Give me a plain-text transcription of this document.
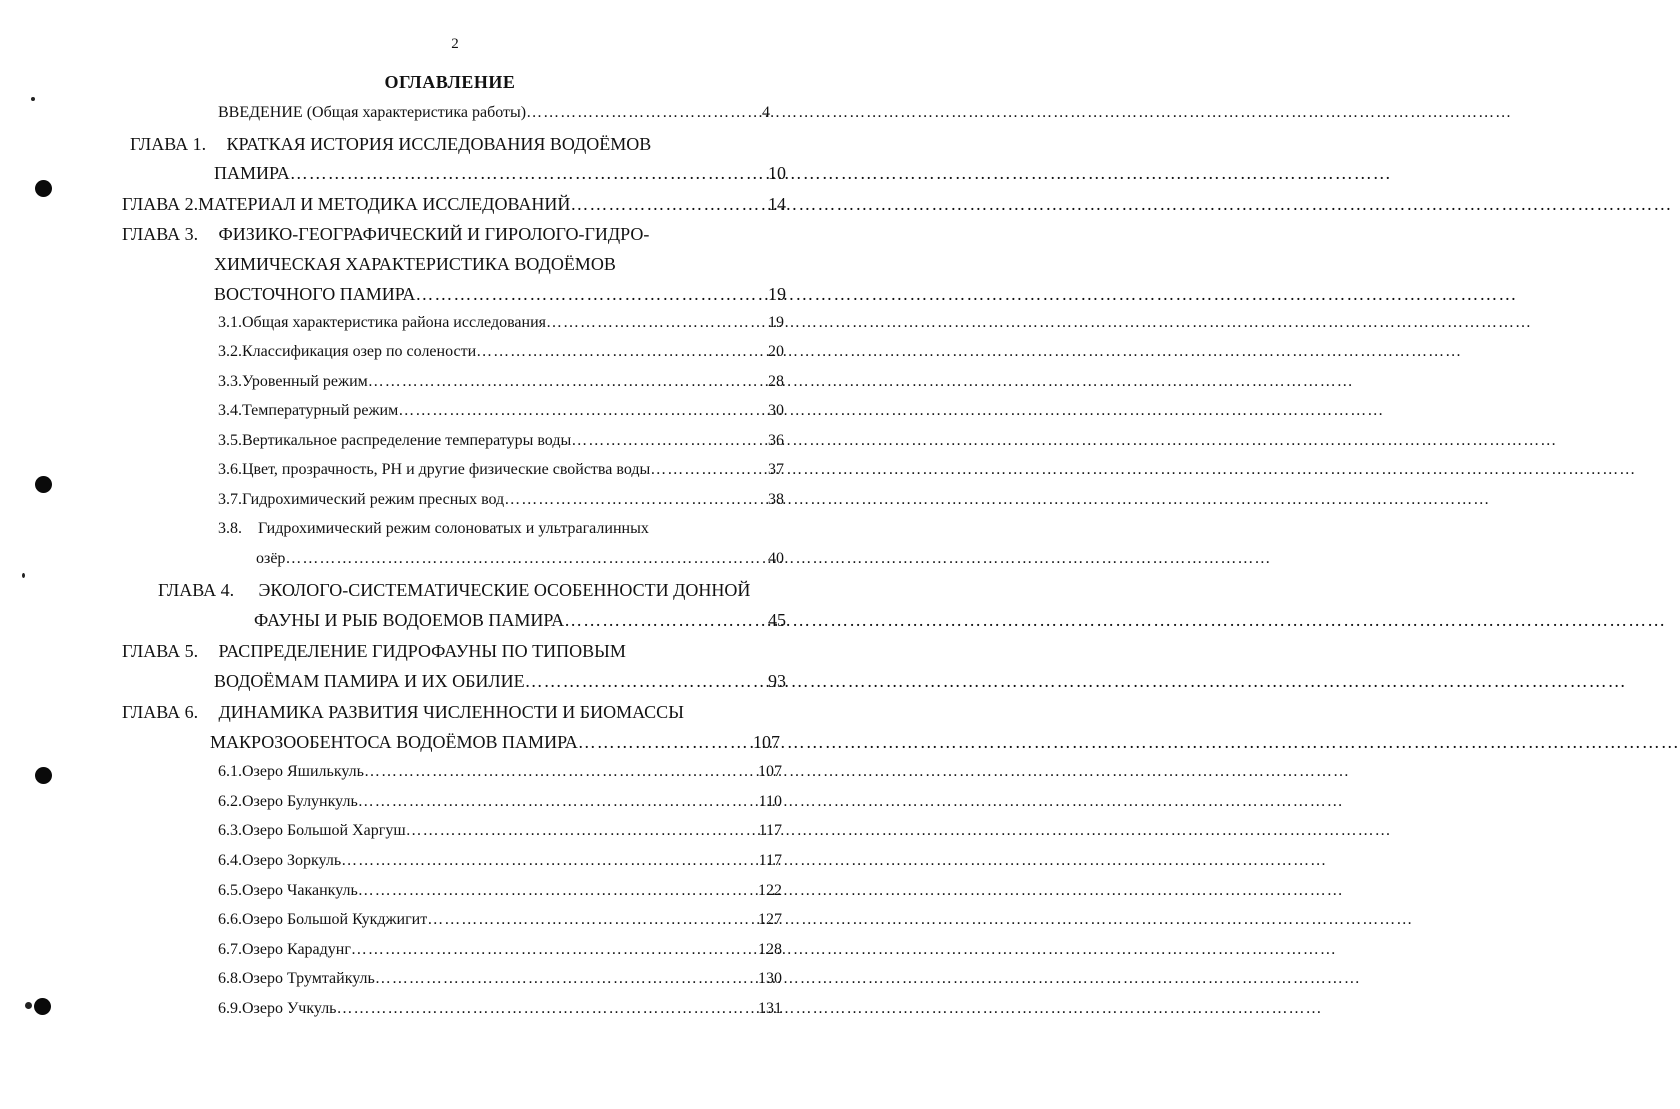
2
ОГЛАВЛЕНИЕ
ВВЕДЕНИЕ (Общая характеристика работы) …………………………………………………………………………………………………………………………………………………………	4
ГЛАВА 1. КРАТКАЯ ИСТОРИЯ ИССЛЕДОВАНИЯ ВОДОЁМОВ
ПАМИРА …………………………………………………………………………………………………………………………………………………………	10
ГЛАВА 2. МАТЕРИАЛ И МЕТОДИКА ИССЛЕДОВАНИЙ …………………………………………………………………………………………………………………………………………………………	14
ГЛАВА 3. ФИЗИКО-ГЕОГРАФИЧЕСКИЙ И ГИРОЛОГО-ГИДРО-
ХИМИЧЕСКАЯ ХАРАКТЕРИСТИКА ВОДОЁМОВ
ВОСТОЧНОГО ПАМИРА …………………………………………………………………………………………………………………………………………………………	19
3.1. Общая характеристика района исследования …………………………………………………………………………………………………………………………………………………………	19
3.2. Классификация озер по солености …………………………………………………………………………………………………………………………………………………………	20
3.3. Уровенный режим …………………………………………………………………………………………………………………………………………………………	28
3.4. Температурный режим …………………………………………………………………………………………………………………………………………………………	30
3.5. Вертикальное распределение температуры воды …………………………………………………………………………………………………………………………………………………………	36
3.6. Цвет, прозрачность, PH и другие физические свойства воды …………………………………………………………………………………………………………………………………………………………	37
3.7. Гидрохимический режим пресных вод …………………………………………………………………………………………………………………………………………………………	38
3.8. Гидрохимический режим солоноватых и ультрагалинных
озёр …………………………………………………………………………………………………………………………………………………………	40
ГЛАВА 4. ЭКОЛОГО-СИСТЕМАТИЧЕСКИЕ ОСОБЕННОСТИ ДОННОЙ
ФАУНЫ И РЫБ ВОДОЕМОВ ПАМИРА …………………………………………………………………………………………………………………………………………………………	45
ГЛАВА 5. РАСПРЕДЕЛЕНИЕ ГИДРОФАУНЫ ПО ТИПОВЫМ
ВОДОЁМАМ ПАМИРА И ИХ ОБИЛИЕ …………………………………………………………………………………………………………………………………………………………	93
ГЛАВА 6. ДИНАМИКА РАЗВИТИЯ ЧИСЛЕННОСТИ И БИОМАССЫ
МАКРОЗООБЕНТОСА ВОДОЁМОВ ПАМИРА …………………………………………………………………………………………………………………………………………………………	107
6.1. Озеро Яшилькуль …………………………………………………………………………………………………………………………………………………………	107
6.2. Озеро Булункуль …………………………………………………………………………………………………………………………………………………………	110
6.3. Озеро Большой Харгуш …………………………………………………………………………………………………………………………………………………………	117
6.4. Озеро Зоркуль …………………………………………………………………………………………………………………………………………………………	117
6.5. Озеро Чаканкуль …………………………………………………………………………………………………………………………………………………………	122
6.6. Озеро Большой Кукджигит …………………………………………………………………………………………………………………………………………………………	127
6.7. Озеро Карадунг …………………………………………………………………………………………………………………………………………………………	128
6.8. Озеро Трумтайкуль …………………………………………………………………………………………………………………………………………………………	130
6.9. Озеро Учкуль …………………………………………………………………………………………………………………………………………………………	131
